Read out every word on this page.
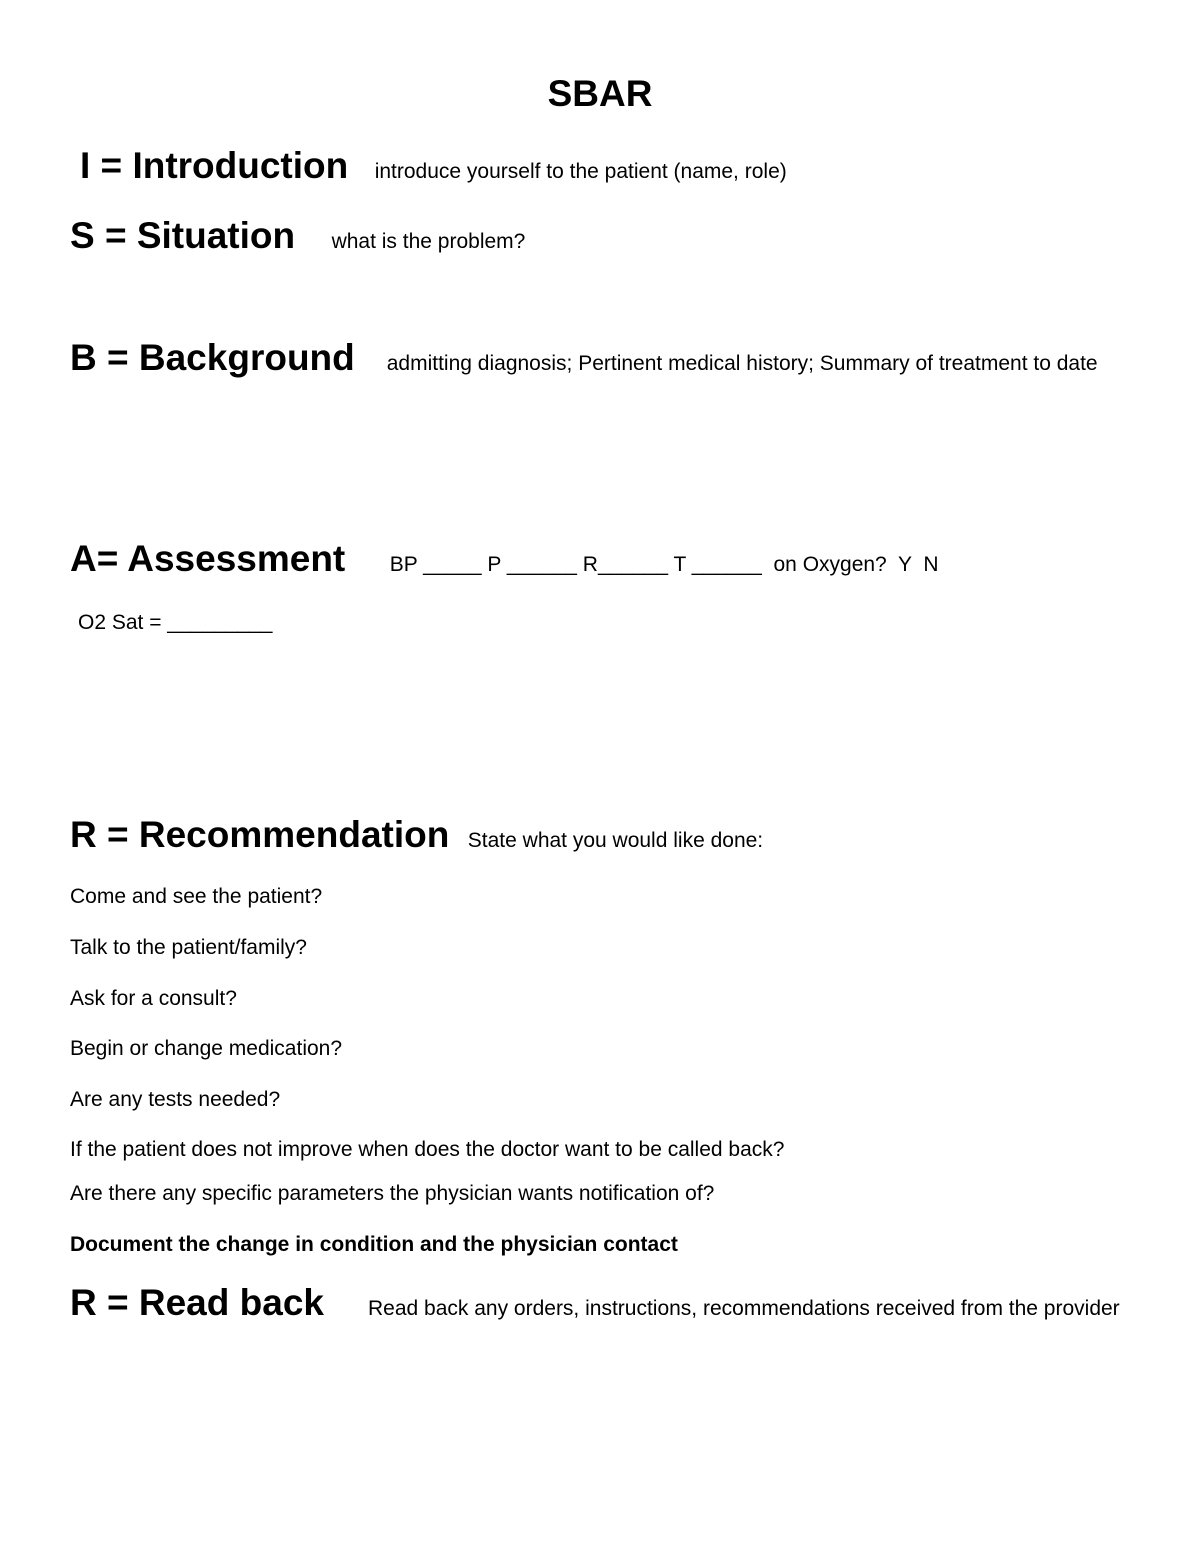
SBAR
I = Introduction introduce yourself to the patient (name, role)
S = Situation what is the problem?
B = Background admitting diagnosis; Pertinent medical history; Summary of treatment to date
A= Assessment BP _____ P ______ R______ T ______  on Oxygen?  Y  N
O2 Sat = _________
R = Recommendation State what you would like done:
Come and see the patient?
Talk to the patient/family?
Ask for a consult?
Begin or change medication?
Are any tests needed?
If the patient does not improve when does the doctor want to be called back?
Are there any specific parameters the physician wants notification of?
Document the change in condition and the physician contact
R = Read back Read back any orders, instructions, recommendations received from the provider
